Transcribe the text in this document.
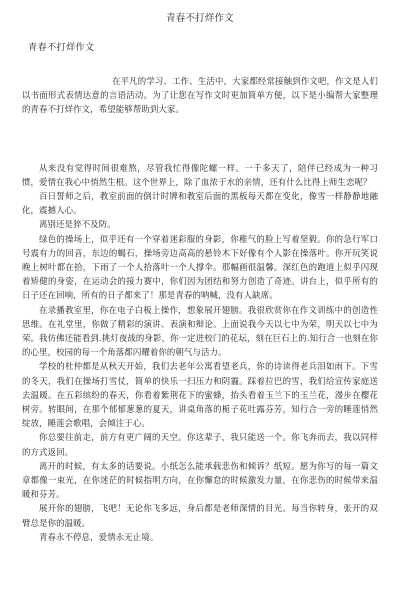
青春不打烊作文
青春不打烊作文

在平凡的学习、工作、生活中，大家都经常接触到作文吧，作文是人们以书面形式表情达意的言语活动。为了让您在写作文时更加简单方便，以下是小编帮大家整理的青春不打烊作文，希望能够帮助到大家。

从来没有觉得时间很难熬，尽管我忙得像陀螺一样。一千多天了，陪伴已经成为一种习惯，爱情在我心中悄然生根。这个世界上，除了血浓于水的亲情，还有什么比得上师生恋呢？

百日誓师之后，教室前面的倒计时牌和教室后面的黑板每天都在变化，像雪一样静静地融化，震撼人心。

离别还是猝不及防。

绿色的操场上，似乎还有一个穿着迷彩服的身影，你稚气的脸上写着坚毅。你的急行军口号震有力的回音，东边的蝎石，操场旁边高高的悬铃木下好像有个人影在操落叶。你开玩笑说晚上树叶都在拾，下雨了一个人拾落叶一个人撑伞。那幅画很温馨。深红色的跑道上似乎闪现着矫健的身姿，在运动会的接力赛中，你们因为团结和努力创造了奇迹。讲台上，似乎所有的日子还在回响，所有的日子都来了！那是青春的呐喊，没有人缺席。

在录播教室里，你在电子白板上操作，想象展开翅膀。我很欣赏你在作文训练中的创造性思维。在礼堂里，你做了精彩的演讲、表演和辩论。上面说我今天以七中为荣，明天以七中为荣。我仿佛还能看到.挑灯夜战的身影，你一定进校门的花坛，刻在巨石上的.知行合一也刻在你的心里，校园的每一个角落都闪耀着你的朝气与活力。

学校的杜仲都是从秋天开始，我们去老年公寓看望老兵，你的诗读得老兵泪如雨下。下雪的冬天，我们在操场打雪仗，简单的快乐一扫压力和阴霾。踩着拉巴的雪，我们给宣传家庭送去温暖。在五彩缤纷的春天，你看着紫荆花下的蜜蜂，抬头看着玉兰下的玉兰花，漫步在樱花树旁。转眼间，在那个郁郁葱葱的夏天，讲桌角落的栀子花吐露芬芳，知行合一旁的睡莲悄然绽放，睡莲会歌唱，会倾注于心。

你总要往前走，前方有更广阔的天空。你这辈子，我只能送一个。你飞奔而去，我以同样的方式返回。

离开的时候，有太多的话要说。小纸怎么能承载悲伤和倾诉？纸短。愿为你写的每一篇文章都像一束光，在你迷茫的时候指明方向，在你懈怠的时候激发力量，在你悲伤的时候带来温暖和芬芳。

展开你的翅膀，飞吧！无论你飞多远，身后都是老师深情的目光。每当你转身，张开的双臂总是你的温暖。

青春永不停息，爱情永无止境。
